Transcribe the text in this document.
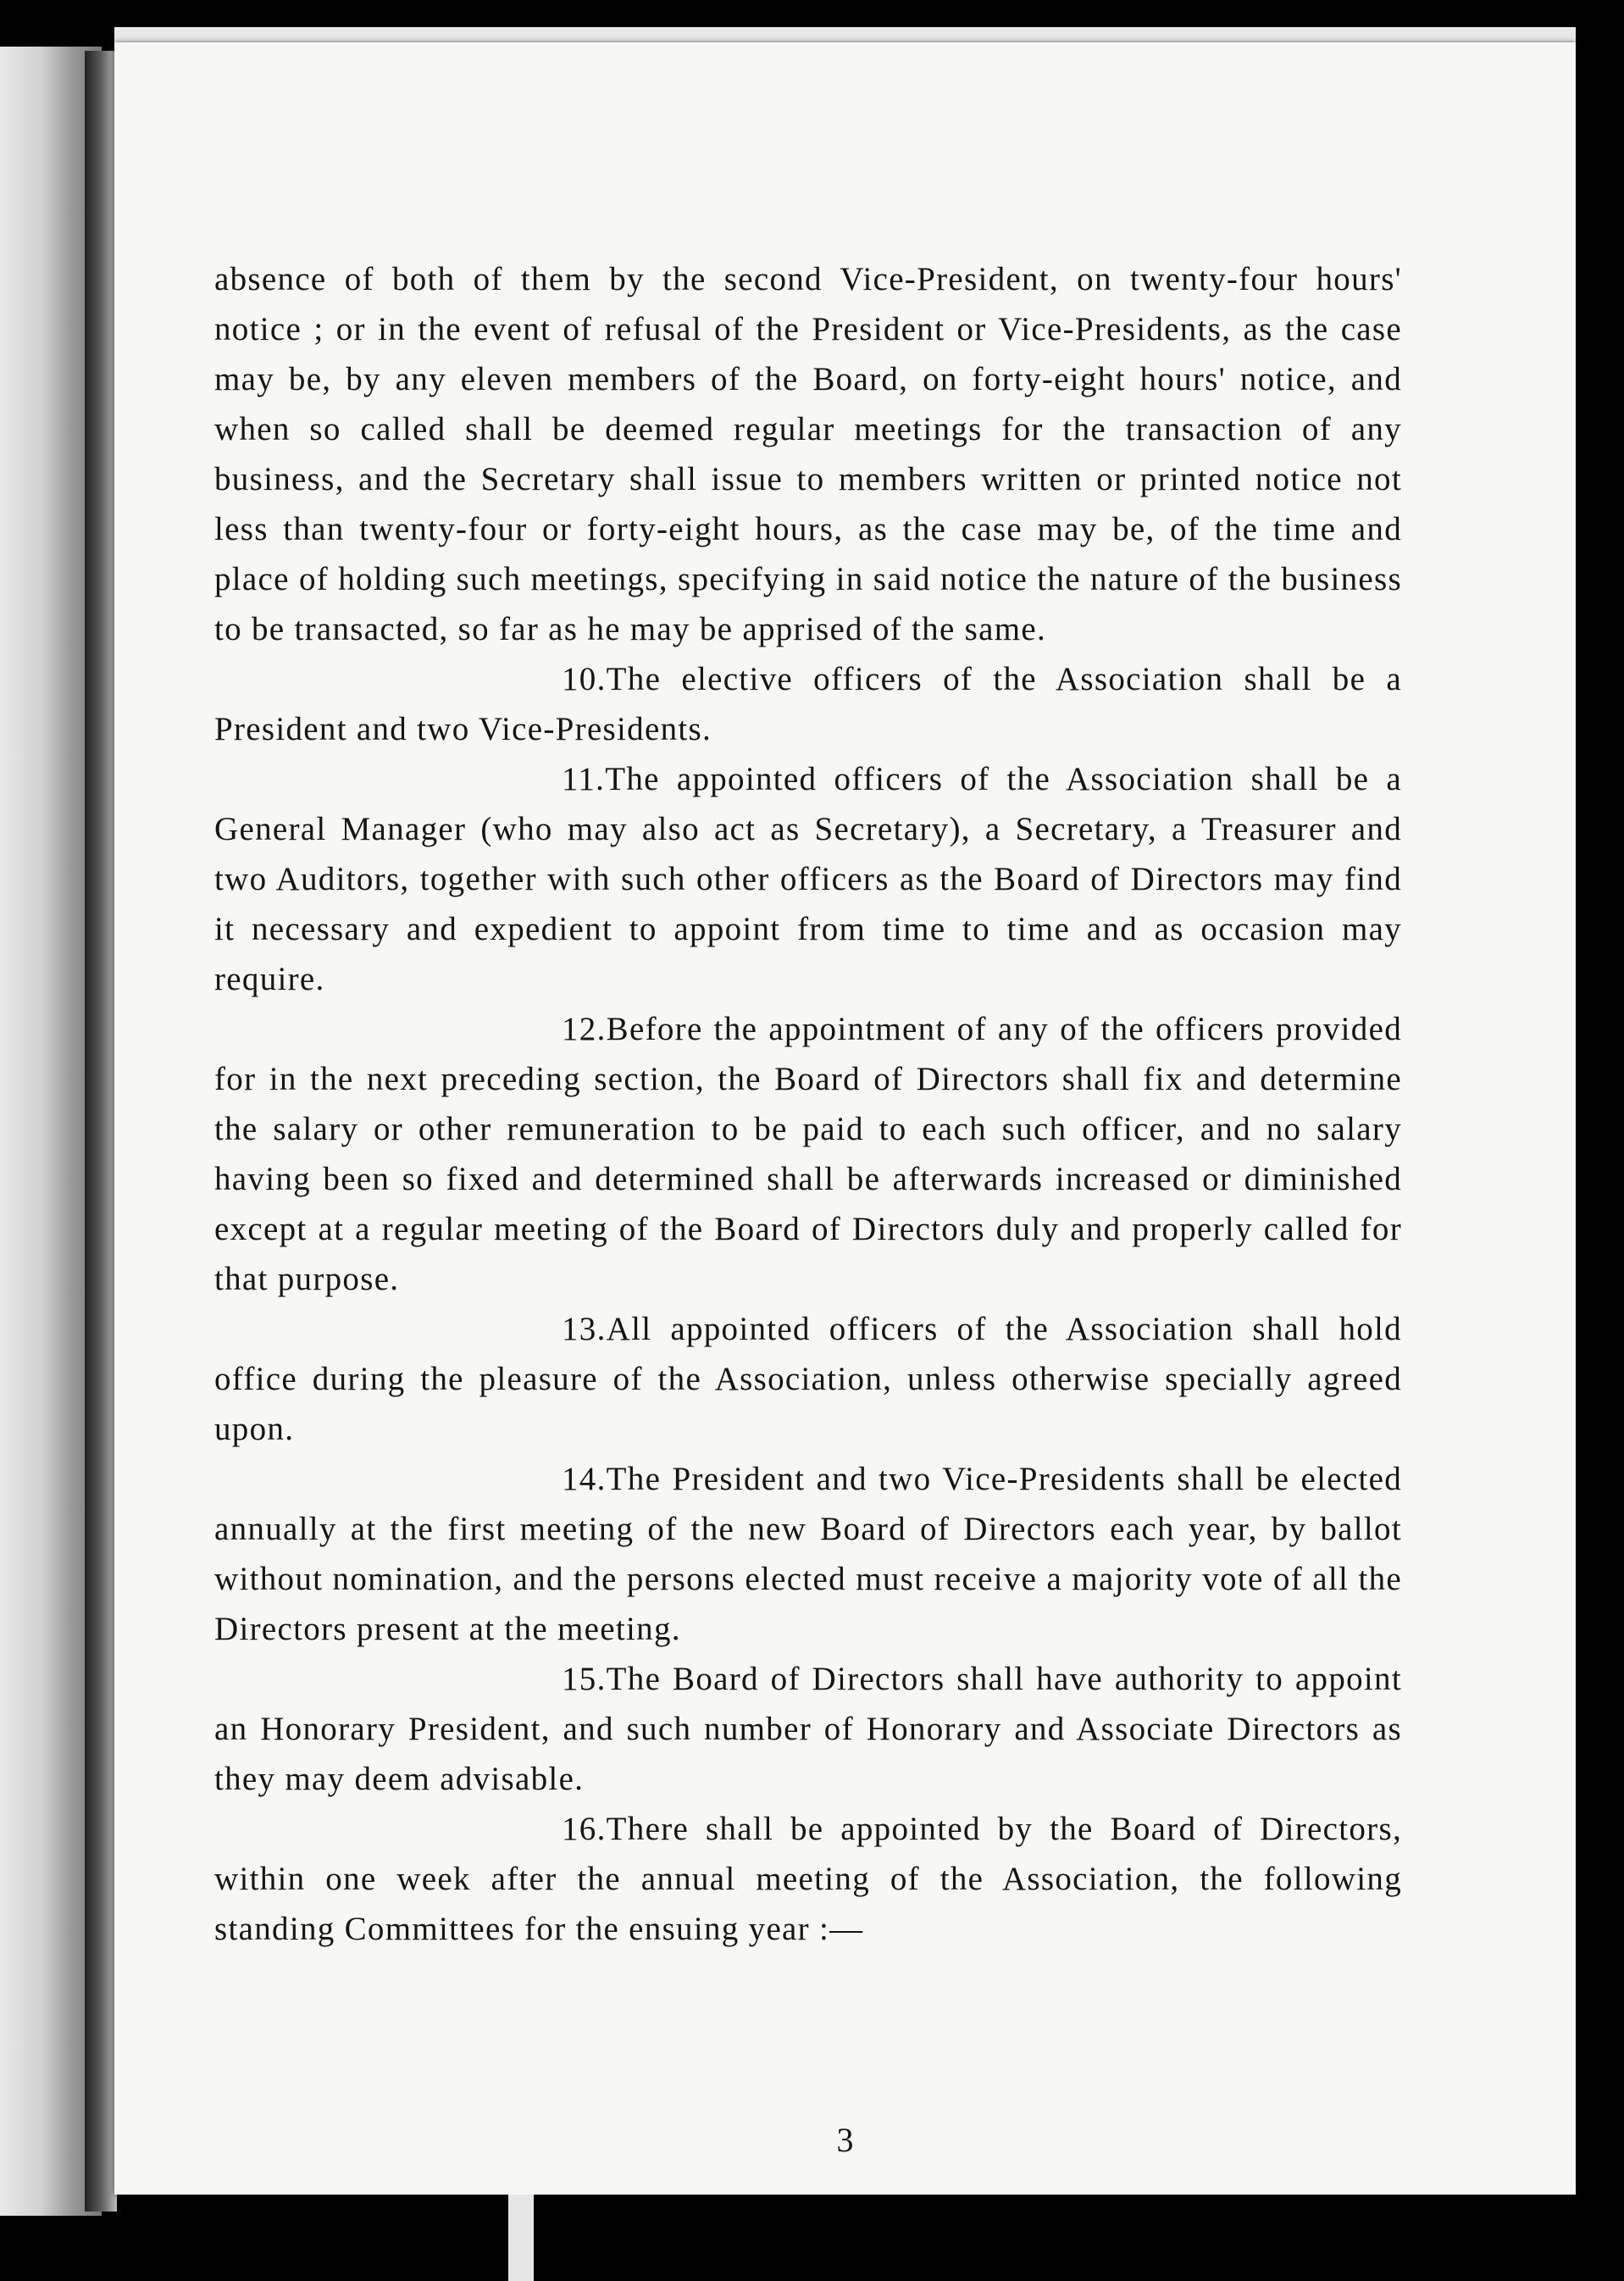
absence of both of them by the second Vice-President, on twenty-four hours' notice ; or in the event of refusal of the President or Vice-Presidents, as the case may be, by any eleven members of the Board, on forty-eight hours' notice, and when so called shall be deemed regular meetings for the transaction of any business, and the Secretary shall issue to members written or printed notice not less than twenty-four or forty-eight hours, as the case may be, of the time and place of holding such meetings, specifying in said notice the nature of the business to be transacted, so far as he may be apprised of the same.

10.The elective officers of the Association shall be a President and two Vice-Presidents.

11.The appointed officers of the Association shall be a General Manager (who may also act as Secretary), a Secretary, a Treasurer and two Auditors, together with such other officers as the Board of Directors may find it necessary and expedient to appoint from time to time and as occasion may require.

12.Before the appointment of any of the officers provided for in the next preceding section, the Board of Directors shall fix and determine the salary or other remuneration to be paid to each such officer, and no salary having been so fixed and determined shall be afterwards increased or diminished except at a regular meeting of the Board of Directors duly and properly called for that purpose.

13.All appointed officers of the Association shall hold office during the pleasure of the Association, unless otherwise specially agreed upon.

14.The President and two Vice-Presidents shall be elected annually at the first meeting of the new Board of Directors each year, by ballot without nomination, and the persons elected must receive a majority vote of all the Directors present at the meeting.

15.The Board of Directors shall have authority to appoint an Honorary President, and such number of Honorary and Associate Directors as they may deem advisable.

16.There shall be appointed by the Board of Directors, within one week after the annual meeting of the Association, the following standing Committees for the ensuing year :—

3
